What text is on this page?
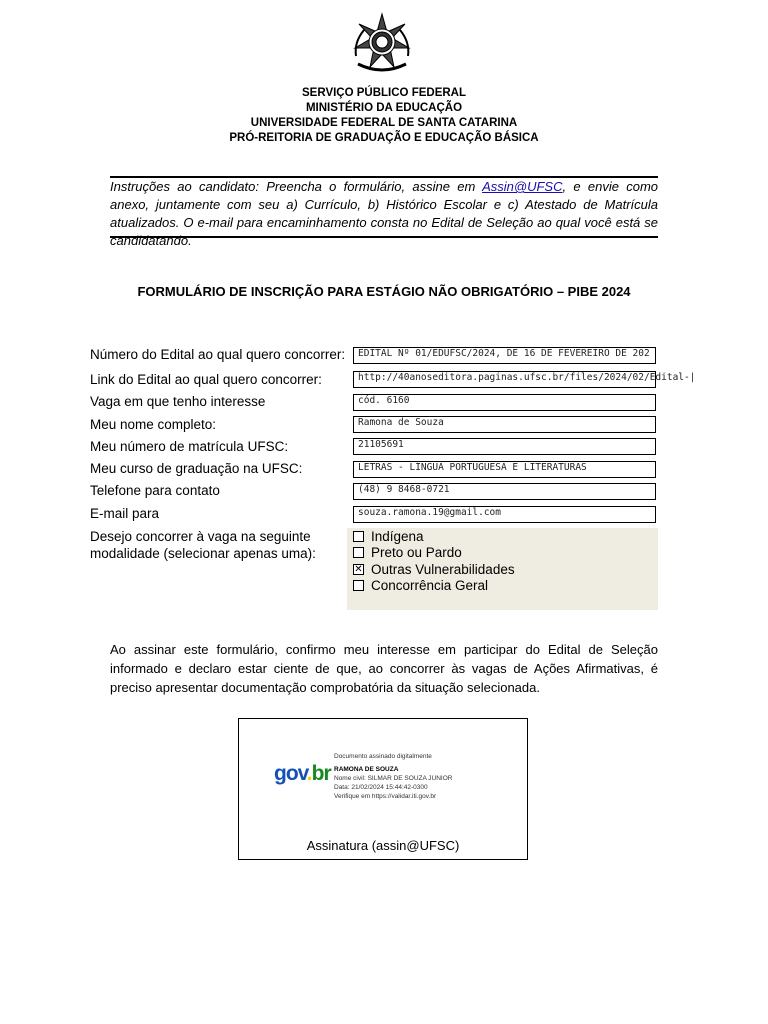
SERVIÇO PÚBLICO FEDERAL
MINISTÉRIO DA EDUCAÇÃO
UNIVERSIDADE FEDERAL DE SANTA CATARINA
PRÓ-REITORIA DE GRADUAÇÃO E EDUCAÇÃO BÁSICA
Instruções ao candidato: Preencha o formulário, assine em Assin@UFSC, e envie como anexo, juntamente com seu a) Currículo, b) Histórico Escolar e c) Atestado de Matrícula atualizados. O e-mail para encaminhamento consta no Edital de Seleção ao qual você está se candidatando.
FORMULÁRIO DE INSCRIÇÃO PARA ESTÁGIO NÃO OBRIGATÓRIO – PIBE 2024
Número do Edital ao qual quero concorrer:
Link do Edital ao qual quero concorrer:
Vaga em que tenho interesse
Meu nome completo:
Meu número de matrícula UFSC:
Meu curso de graduação na UFSC:
Telefone para contato
E-mail para
EDITAL Nº 01/EDUFSC/2024, DE 16 DE FEVEREIRO DE 202
http://40anoseditora.paginas.ufsc.br/files/2024/02/Edital-|
cód. 6160
Ramona de Souza
21105691
LETRAS - LÍNGUA PORTUGUESA E LITERATURAS
(48) 9 8468-0721
souza.ramona.19@gmail.com
Desejo concorrer à vaga na seguinte
modalidade (selecionar apenas uma):
Indígena
Preto ou Pardo
✕ Outras Vulnerabilidades
Concorrência Geral
Ao assinar este formulário, confirmo meu interesse em participar do Edital de Seleção informado e declaro estar ciente de que, ao concorrer às vagas de Ações Afirmativas, é preciso apresentar documentação comprobatória da situação selecionada.
gov.br
Documento assinado digitalmente
RAMONA DE SOUZA
Nome civil: SILMAR DE SOUZA JUNIOR
Data: 21/02/2024 15:44:42-0300
Verifique em https://validar.iti.gov.br
Assinatura (assin@UFSC)
